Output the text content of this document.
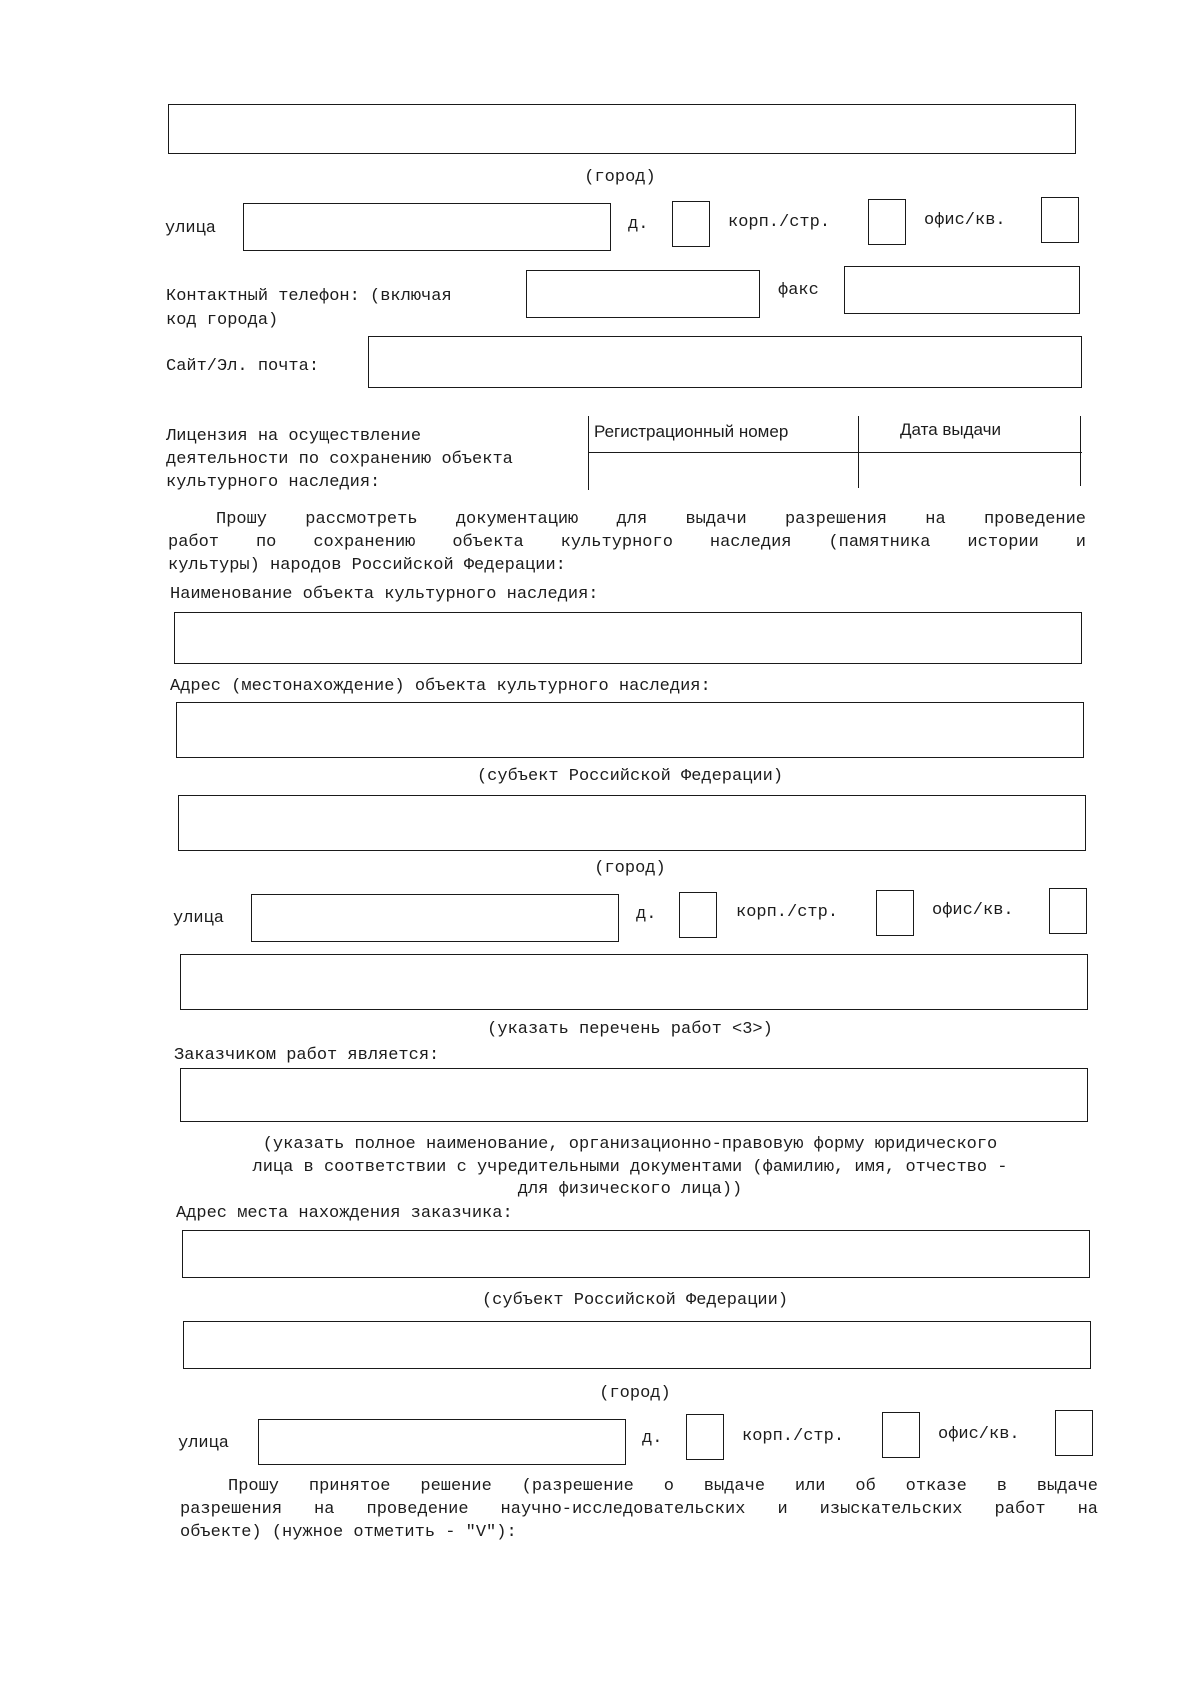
(город)
улица	д.	корп./стр.	офис/кв.
Контактный телефон: (включая
код города)
факс
Сайт/Эл. почта:
Лицензия на осуществление
деятельности по сохранению объекта
культурного наследия:
Регистрационный номер	Дата выдачи
Прошу рассмотреть документацию для выдачи разрешения на проведение
работ по сохранению объекта культурного наследия (памятника истории и
культуры) народов Российской Федерации:
Наименование объекта культурного наследия:
Адрес (местонахождение) объекта культурного наследия:
(субъект Российской Федерации)
(город)
улица	д.	корп./стр.	офис/кв.
(указать перечень работ <3>)
Заказчиком работ является:
(указать полное наименование, организационно-правовую форму юридического
лица в соответствии с учредительными документами (фамилию, имя, отчество -
для физического лица))
Адрес места нахождения заказчика:
(субъект Российской Федерации)
(город)
улица	д.	корп./стр.	офис/кв.
Прошу принятое решение (разрешение о выдаче или об отказе в выдаче
разрешения на проведение научно-исследовательских и изыскательских работ на
объекте) (нужное отметить - "V"):
